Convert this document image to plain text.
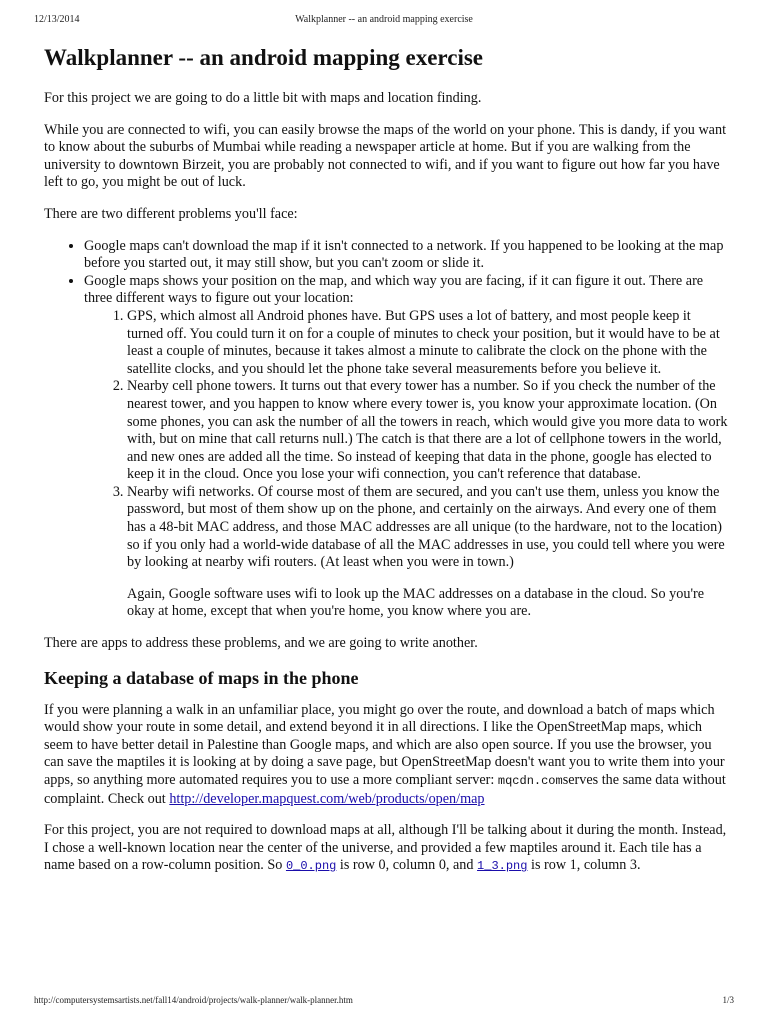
12/13/2014	Walkplanner -- an android mapping exercise
Walkplanner -- an android mapping exercise

For this project we are going to do a little bit with maps and location finding.

While you are connected to wifi, you can easily browse the maps of the world on your phone. This is dandy, if you want to know about the suburbs of Mumbai while reading a newspaper article at home. But if you are walking from the university to downtown Birzeit, you are probably not connected to wifi, and if you want to figure out how far you have left to go, you might be out of luck.

There are two different problems you'll face:

• Google maps can't download the map if it isn't connected to a network. If you happened to be looking at the map before you started out, it may still show, but you can't zoom or slide it.
• Google maps shows your position on the map, and which way you are facing, if it can figure it out. There are three different ways to figure out your location:
1. GPS, which almost all Android phones have. But GPS uses a lot of battery, and most people keep it turned off. You could turn it on for a couple of minutes to check your position, but it would have to be at least a couple of minutes, because it takes almost a minute to calibrate the clock on the phone with the satellite clocks, and you should let the phone take several measurements before you believe it.
2. Nearby cell phone towers. It turns out that every tower has a number. So if you check the number of the nearest tower, and you happen to know where every tower is, you know your approximate location. (On some phones, you can ask the number of all the towers in reach, which would give you more data to work with, but on mine that call returns null.) The catch is that there are a lot of cellphone towers in the world, and new ones are added all the time. So instead of keeping that data in the phone, google has elected to keep it in the cloud. Once you lose your wifi connection, you can't reference that database.
3. Nearby wifi networks. Of course most of them are secured, and you can't use them, unless you know the password, but most of them show up on the phone, and certainly on the airways. And every one of them has a 48-bit MAC address, and those MAC addresses are all unique (to the hardware, not to the location) so if you only had a world-wide database of all the MAC addresses in use, you could tell where you were by looking at nearby wifi routers. (At least when you were in town.)

Again, Google software uses wifi to look up the MAC addresses on a database in the cloud. So you're okay at home, except that when you're home, you know where you are.

There are apps to address these problems, and we are going to write another.

Keeping a database of maps in the phone

If you were planning a walk in an unfamiliar place, you might go over the route, and download a batch of maps which would show your route in some detail, and extend beyond it in all directions. I like the OpenStreetMap maps, which seem to have better detail in Palestine than Google maps, and which are also open source. If you use the browser, you can save the maptiles it is looking at by doing a save page, but OpenStreetMap doesn't want you to write them into your apps, so anything more automated requires you to use a more compliant server: mqcdn.comserves the same data without complaint. Check out http://developer.mapquest.com/web/products/open/map

For this project, you are not required to download maps at all, although I'll be talking about it during the month. Instead, I chose a well-known location near the center of the universe, and provided a few maptiles around it. Each tile has a name based on a row-column position. So 0_0.png is row 0, column 0, and 1_3.png is row 1, column 3.

http://computersystemsartists.net/fall14/android/projects/walk-planner/walk-planner.htm	1/3
